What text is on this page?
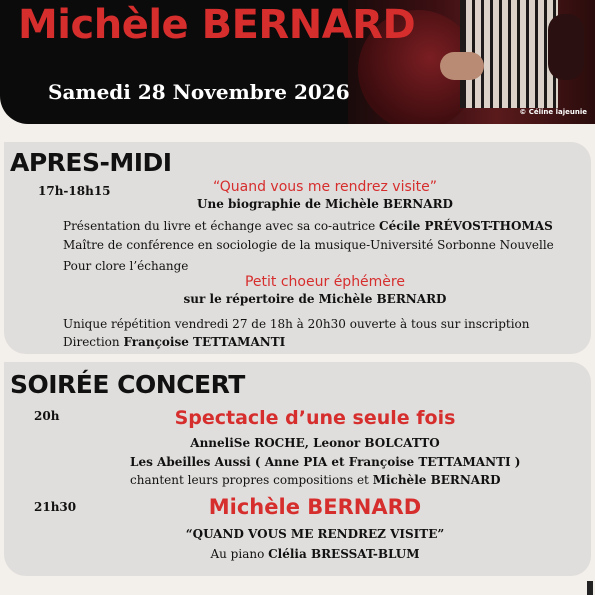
Michèle BERNARD

Samedi 28 Novembre 2026

© Céline lajeunie

APRES-MIDI

17h-18h15	“Quand vous me rendrez visite”

Une biographie de Michèle BERNARD

Présentation du livre et échange avec sa co-autrice Cécile PRÉVOST-THOMAS

Maître de conférence en sociologie de la musique-Université Sorbonne Nouvelle

Pour clore l’échange

Petit choeur éphémère

sur le répertoire de Michèle BERNARD

Unique répétition vendredi 27 de 18h à 20h30 ouverte à tous sur inscription

Direction Françoise TETTAMANTI

SOIRÉE CONCERT

20h	Spectacle d’une seule fois

AnneliSe ROCHE, Leonor BOLCATTO

Les Abeilles Aussi ( Anne PIA et Françoise TETTAMANTI )

chantent leurs propres compositions et Michèle BERNARD

21h30	Michèle BERNARD

“QUAND VOUS ME RENDREZ VISITE”

Au piano Clélia BRESSAT-BLUM
